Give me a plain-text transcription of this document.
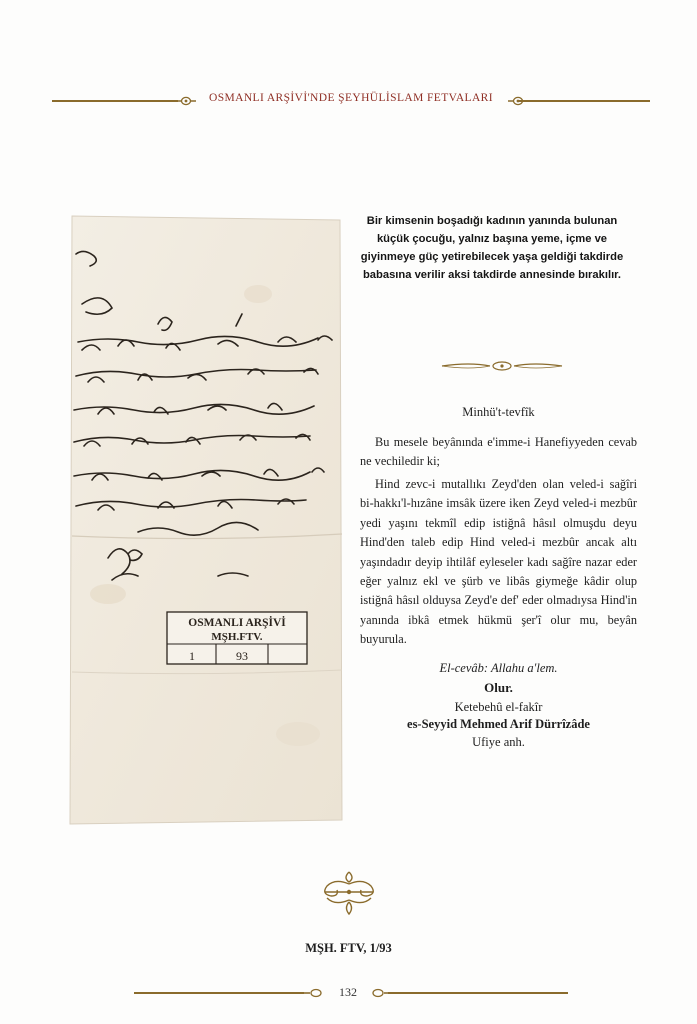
OSMANLI ARŞİVİ'NDE ŞEYHÜLİSLAM FETVALARI
OSMANLI ARŞİVİ
MŞH.FTV.
1	93
Bir kimsenin boşadığı kadının yanında bulunan küçük çocuğu, yalnız başına yeme, içme ve giyinmeye güç yetirebilecek yaşa geldiği takdirde babasına verilir aksi takdirde annesinde bırakılır.
Minhü't-tevfîk

Bu mesele beyânında e'imme-i Hanefiyyeden cevab ne vechiledir ki;

Hind zevc-i mutallıkı Zeyd'den olan veled-i sağîri bi-hakkı'l-hızâne imsâk üzere iken Zeyd veled-i mezbûr yedi yaşını tekmîl edip istiğnâ hâsıl olmuşdu deyu Hind'den taleb edip Hind veled-i mezbûr ancak altı yaşındadır deyip ihtilâf eyleseler kadı sağîre nazar eder eğer yalnız ekl ve şürb ve libâs giymeğe kâdir olup istiğnâ hâsıl olduysa Zeyd'e def' eder olmadıysa Hind'in yanında ibkâ etmek hükmü şer'î olur mu, beyân buyurula.

El-cevâb: Allahu a'lem.
Olur.
Ketebehû el-fakîr
es-Seyyid Mehmed Arif Dürrîzâde
Ufiye anh.
MŞH. FTV, 1/93
132
